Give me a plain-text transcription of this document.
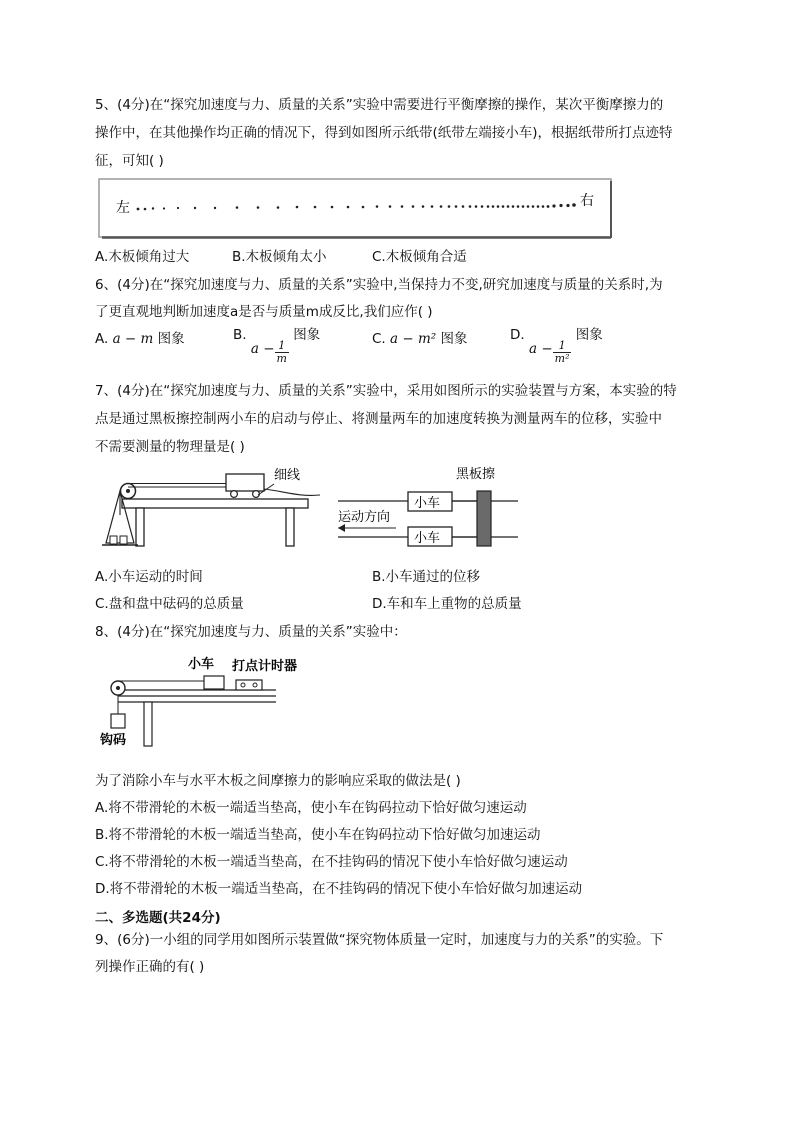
5、(4分)在“探究加速度与力、质量的关系”实验中需要进行平衡摩擦的操作，某次平衡摩擦力的
操作中，在其他操作均正确的情况下，得到如图所示纸带(纸带左端接小车)，根据纸带所打点迹特
征，可知( )
左	右
A.木板倾角过大	B.木板倾角太小	C.木板倾角合适
6、(4分)在“探究加速度与力、质量的关系”实验中,当保持力不变,研究加速度与质量的关系时,为
了更直观地判断加速度a是否与质量m成反比,我们应作( )
A. a − m 图象	B. $a - \frac{1}{m}$
图象	C. a − m² 图象	D. $a - \frac{1}{\text{m²}}$
图象
7、(4分)在“探究加速度与力、质量的关系”实验中，采用如图所示的实验装置与方案，本实验的特
点是通过黑板擦控制两小车的启动与停止、将测量两车的加速度转换为测量两车的位移，实验中
不需要测量的物理量是( )
细线
小车
小车
黑板擦
运动方向
A.小车运动的时间	B.小车通过的位移
C.盘和盘中砝码的总质量	D.车和车上重物的总质量
8、(4分)在“探究加速度与力、质量的关系”实验中：
小车 打点计时器
钩码
为了消除小车与水平木板之间摩擦力的影响应采取的做法是( )
A.将不带滑轮的木板一端适当垫高，使小车在钩码拉动下恰好做匀速运动
B.将不带滑轮的木板一端适当垫高，使小车在钩码拉动下恰好做匀加速运动
C.将不带滑轮的木板一端适当垫高，在不挂钩码的情况下使小车恰好做匀速运动
D.将不带滑轮的木板一端适当垫高，在不挂钩码的情况下使小车恰好做匀加速运动
二、多选题(共24分)
9、(6分)一小组的同学用如图所示装置做“探究物体质量一定时，加速度与力的关系”的实验。下
列操作正确的有( )
